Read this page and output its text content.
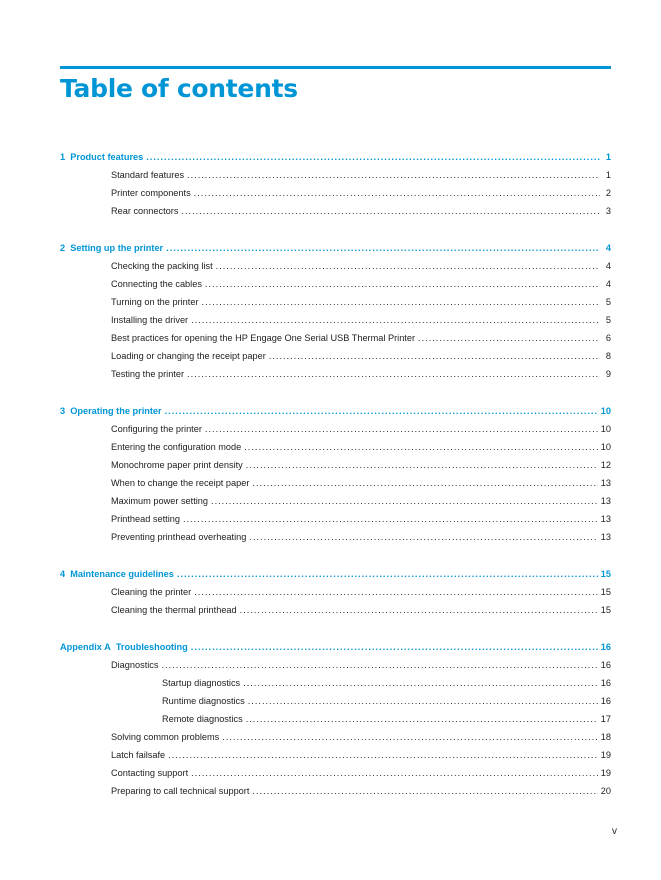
Table of contents
1 Product features .....	1
Standard features .....	1
Printer components .....	2
Rear connectors .....	3
2 Setting up the printer .....	4
Checking the packing list .....	4
Connecting the cables .....	4
Turning on the printer .....	5
Installing the driver .....	5
Best practices for opening the HP Engage One Serial USB Thermal Printer .....	6
Loading or changing the receipt paper .....	8
Testing the printer .....	9
3 Operating the printer .....	10
Configuring the printer .....	10
Entering the configuration mode .....	10
Monochrome paper print density .....	12
When to change the receipt paper .....	13
Maximum power setting .....	13
Printhead setting .....	13
Preventing printhead overheating .....	13
4 Maintenance guidelines .....	15
Cleaning the printer .....	15
Cleaning the thermal printhead .....	15
Appendix A Troubleshooting .....	16
Diagnostics .....	16
Startup diagnostics .....	16
Runtime diagnostics .....	16
Remote diagnostics .....	17
Solving common problems .....	18
Latch failsafe .....	19
Contacting support .....	19
Preparing to call technical support .....	20
v
